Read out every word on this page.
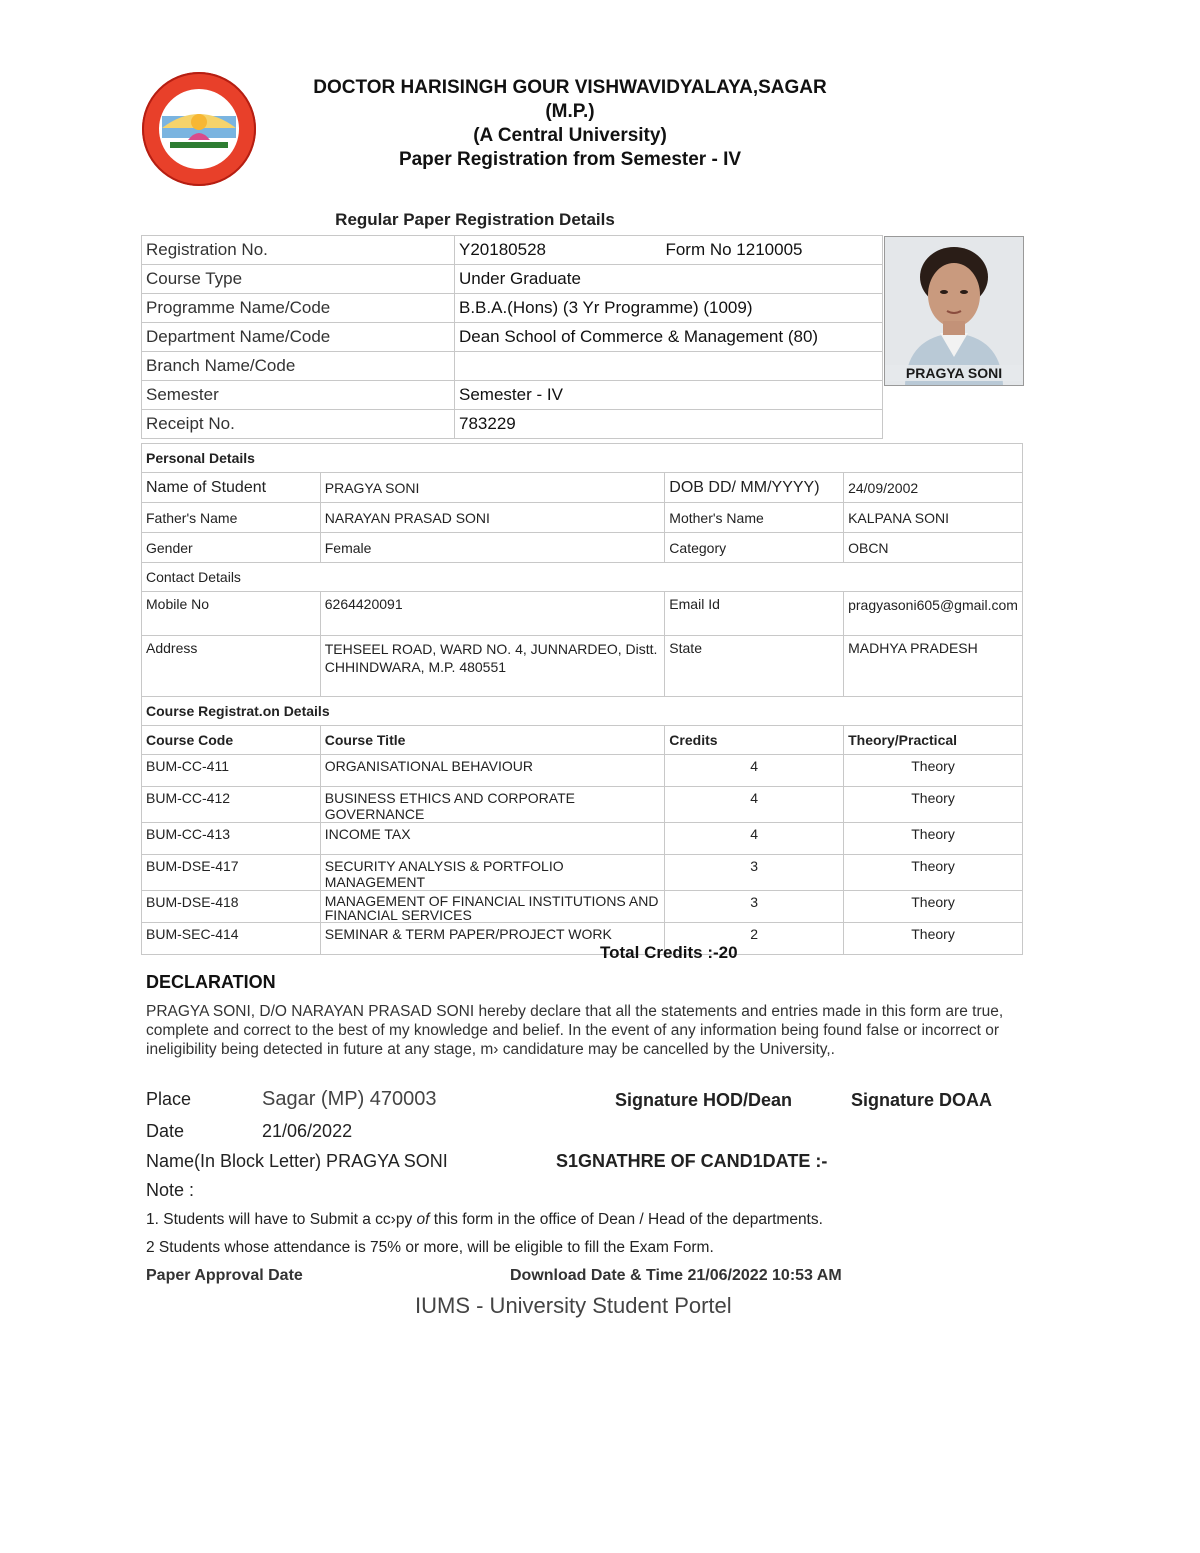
DOCTOR HARISINGH GOUR VISHWAVIDYALAYA,SAGAR
(M.P.)
(A Central University)
Paper Registration from Semester - IV
Regular Paper Registration Details
Registration No.	Y20180528 Form No 1210005
Course Type	Under Graduate
Programme Name/Code	B.B.A.(Hons) (3 Yr Programme) (1009)
Department Name/Code	Dean School of Commerce & Management (80)
Branch Name/Code	
Semester	Semester - IV
Receipt No.	783229
PRAGYA SONI
Personal Details			
Name of Student	PRAGYA SONI	DOB DD/ MM/YYYY)	24/09/2002
Father's Name	NARAYAN PRASAD SONI	Mother's Name	KALPANA SONI
Gender	Female	Category	OBCN
Contact Details			
Mobile No	6264420091	Email Id	pragyasoni605@gmail.com
Address	TEHSEEL ROAD, WARD NO. 4, JUNNARDEO, Distt. CHHINDWARA, M.P. 480551	State	MADHYA PRADESH
Course Registrat.on Details			
Course Code	Course Title	Credits	Theory/Practical
BUM-CC-411	ORGANISATIONAL BEHAVIOUR	4	Theory
BUM-CC-412	BUSINESS ETHICS AND CORPORATE GOVERNANCE	4	Theory
BUM-CC-413	INCOME TAX	4	Theory
BUM-DSE-417	SECURITY ANALYSIS & PORTFOLIO MANAGEMENT	3	Theory
BUM-DSE-418	MANAGEMENT OF FINANCIAL INSTITUTIONS AND FINANCIAL SERVICES	3	Theory
BUM-SEC-414	SEMINAR & TERM PAPER/PROJECT WORK	2	Theory
Total Credits :-20
DECLARATION
PRAGYA SONI, D/O NARAYAN PRASAD SONI hereby declare that all the statements and entries made in this form are true, complete and correct to the best of my knowledge and belief. In the event of any information being found false or incorrect or ineligibility being detected in future at any stage, m› candidature may be cancelled by the University,.
Place	Sagar (MP) 470003	Signature HOD/Dean	Signature DOAA
Date	21/06/2022
Name(In Block Letter) PRAGYA SONI	S1GNATHRE OF CAND1DATE :-
Note :
1. Students will have to Submit a cc›py of this form in the office of Dean / Head of the departments.
2 Students whose attendance is 75% or more, will be eligible to fill the Exam Form.
Paper Approval Date	Download Date & Time 21/06/2022 10:53 AM
IUMS - University Student Portel
